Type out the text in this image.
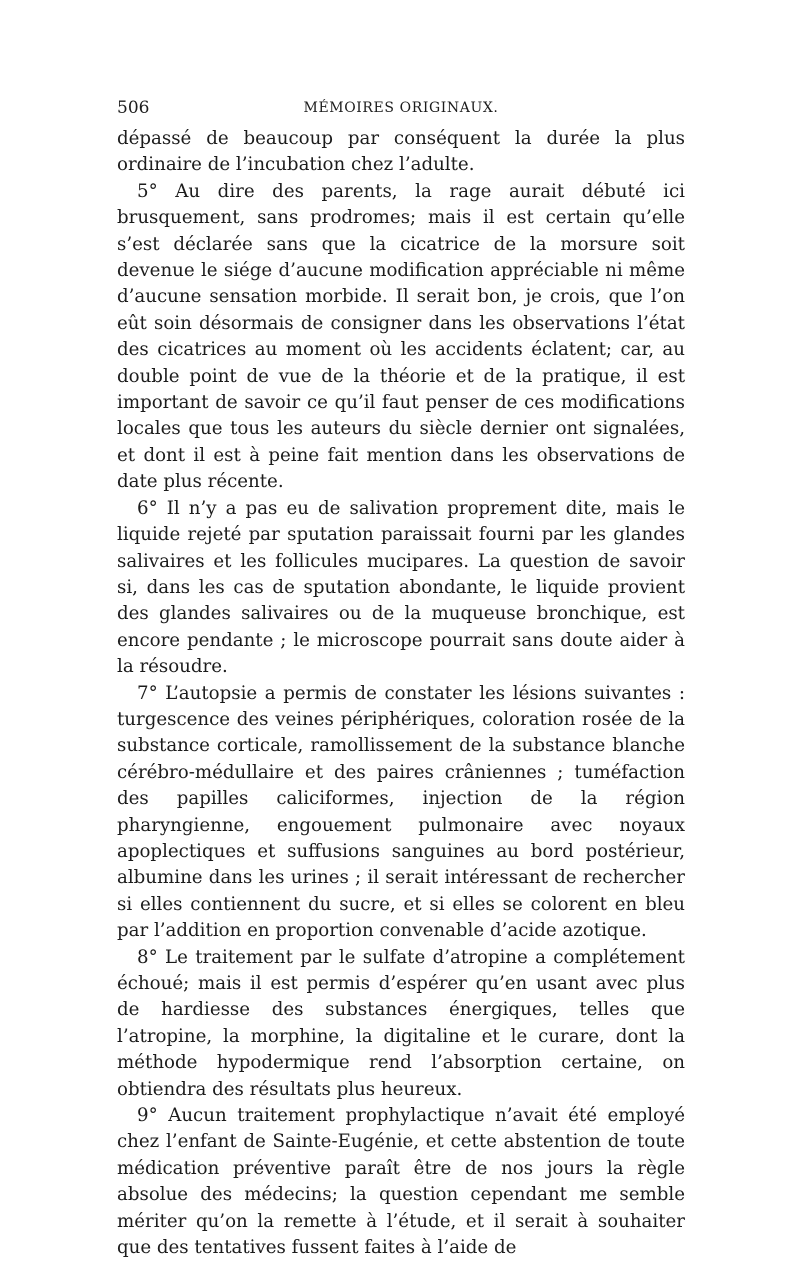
506	MÉMOIRES ORIGINAUX.

dépassé de beaucoup par conséquent la durée la plus ordinaire de l’incubation chez l’adulte.

5° Au dire des parents, la rage aurait débuté ici brusquement, sans prodromes; mais il est certain qu’elle s’est déclarée sans que la cicatrice de la morsure soit devenue le siége d’aucune modification appréciable ni même d’aucune sensation morbide. Il serait bon, je crois, que l’on eût soin désormais de consigner dans les observations l’état des cicatrices au moment où les accidents éclatent; car, au double point de vue de la théorie et de la pratique, il est important de savoir ce qu’il faut penser de ces modifications locales que tous les auteurs du siècle dernier ont signalées, et dont il est à peine fait mention dans les observations de date plus récente.

6° Il n’y a pas eu de salivation proprement dite, mais le liquide rejeté par sputation paraissait fourni par les glandes salivaires et les follicules mucipares. La question de savoir si, dans les cas de sputation abondante, le liquide provient des glandes salivaires ou de la muqueuse bronchique, est encore pendante ; le microscope pourrait sans doute aider à la résoudre.

7° L’autopsie a permis de constater les lésions suivantes : turgescence des veines périphériques, coloration rosée de la substance corticale, ramollissement de la substance blanche cérébro-médullaire et des paires crâniennes ; tuméfaction des papilles caliciformes, injection de la région pharyngienne, engouement pulmonaire avec noyaux apoplectiques et suffusions sanguines au bord postérieur, albumine dans les urines ; il serait intéressant de rechercher si elles contiennent du sucre, et si elles se colorent en bleu par l’addition en proportion convenable d’acide azotique.

8° Le traitement par le sulfate d’atropine a complétement échoué; mais il est permis d’espérer qu’en usant avec plus de hardiesse des substances énergiques, telles que l’atropine, la morphine, la digitaline et le curare, dont la méthode hypodermique rend l’absorption certaine, on obtiendra des résultats plus heureux.

9° Aucun traitement prophylactique n’avait été employé chez l’enfant de Sainte-Eugénie, et cette abstention de toute médication préventive paraît être de nos jours la règle absolue des médecins; la question cependant me semble mériter qu’on la remette à l’étude, et il serait à souhaiter que des tentatives fussent faites à l’aide de
